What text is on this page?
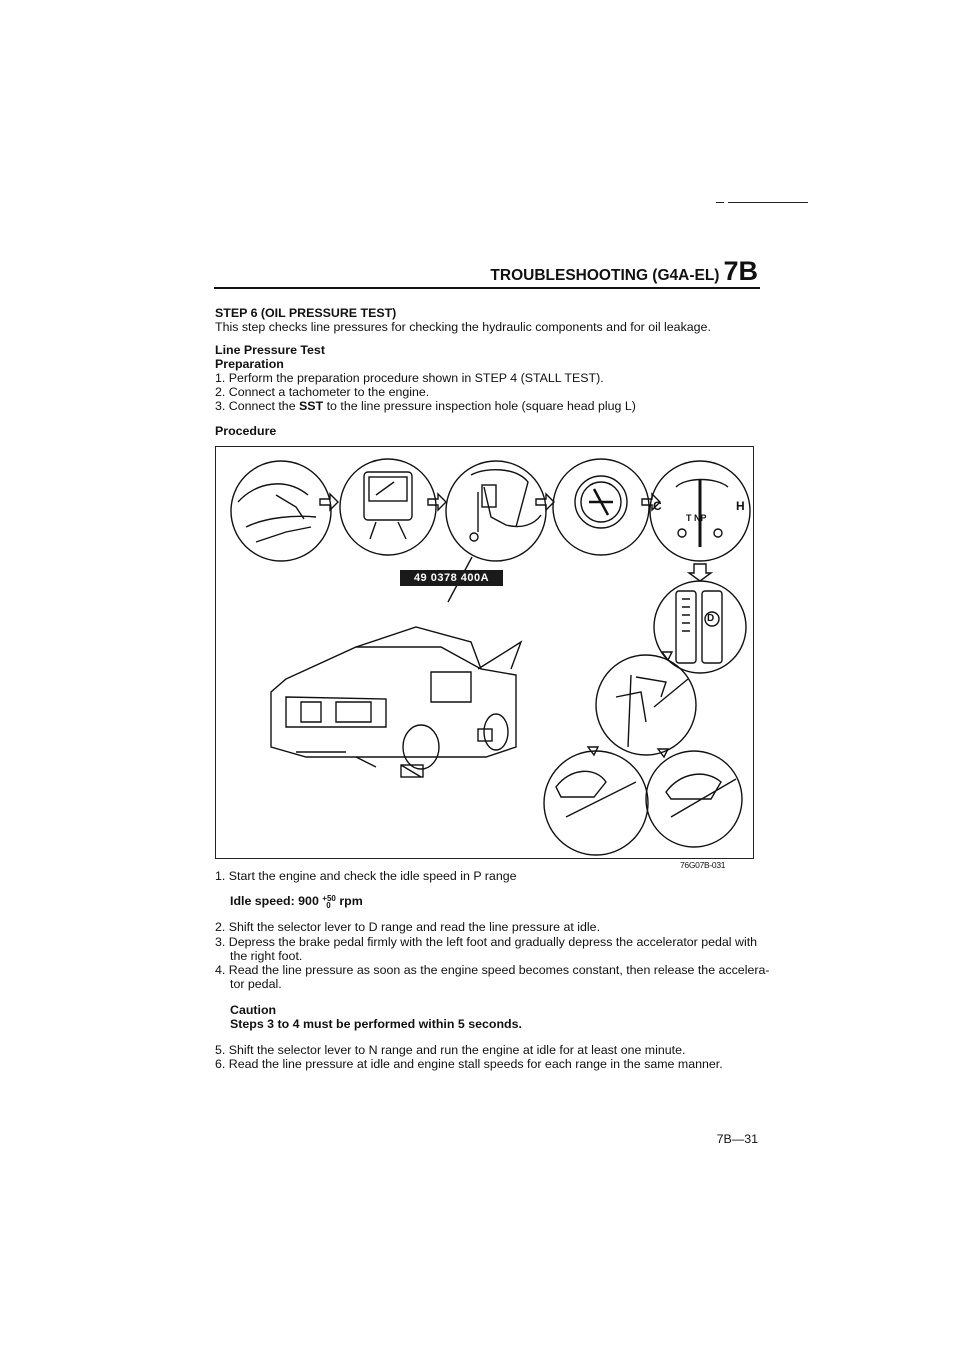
TROUBLESHOOTING (G4A-EL) 7B
STEP 6 (OIL PRESSURE TEST)
This step checks line pressures for checking the hydraulic components and for oil leakage.
Line Pressure Test
Preparation
1. Perform the preparation procedure shown in STEP 4 (STALL TEST).
2. Connect a tachometer to the engine.
3. Connect the SST to the line pressure inspection hole (square head plug L)
Procedure
C	H
T NP
D
49 0378 400A
76G07B-031
1. Start the engine and check the idle speed in P range
Idle speed: 900 +50
0 rpm
2. Shift the selector lever to D range and read the line pressure at idle.
3. Depress the brake pedal firmly with the left foot and gradually depress the accelerator pedal with
the right foot.
4. Read the line pressure as soon as the engine speed becomes constant, then release the accelera-
tor pedal.
Caution
Steps 3 to 4 must be performed within 5 seconds.
5. Shift the selector lever to N range and run the engine at idle for at least one minute.
6. Read the line pressure at idle and engine stall speeds for each range in the same manner.
7B—31
